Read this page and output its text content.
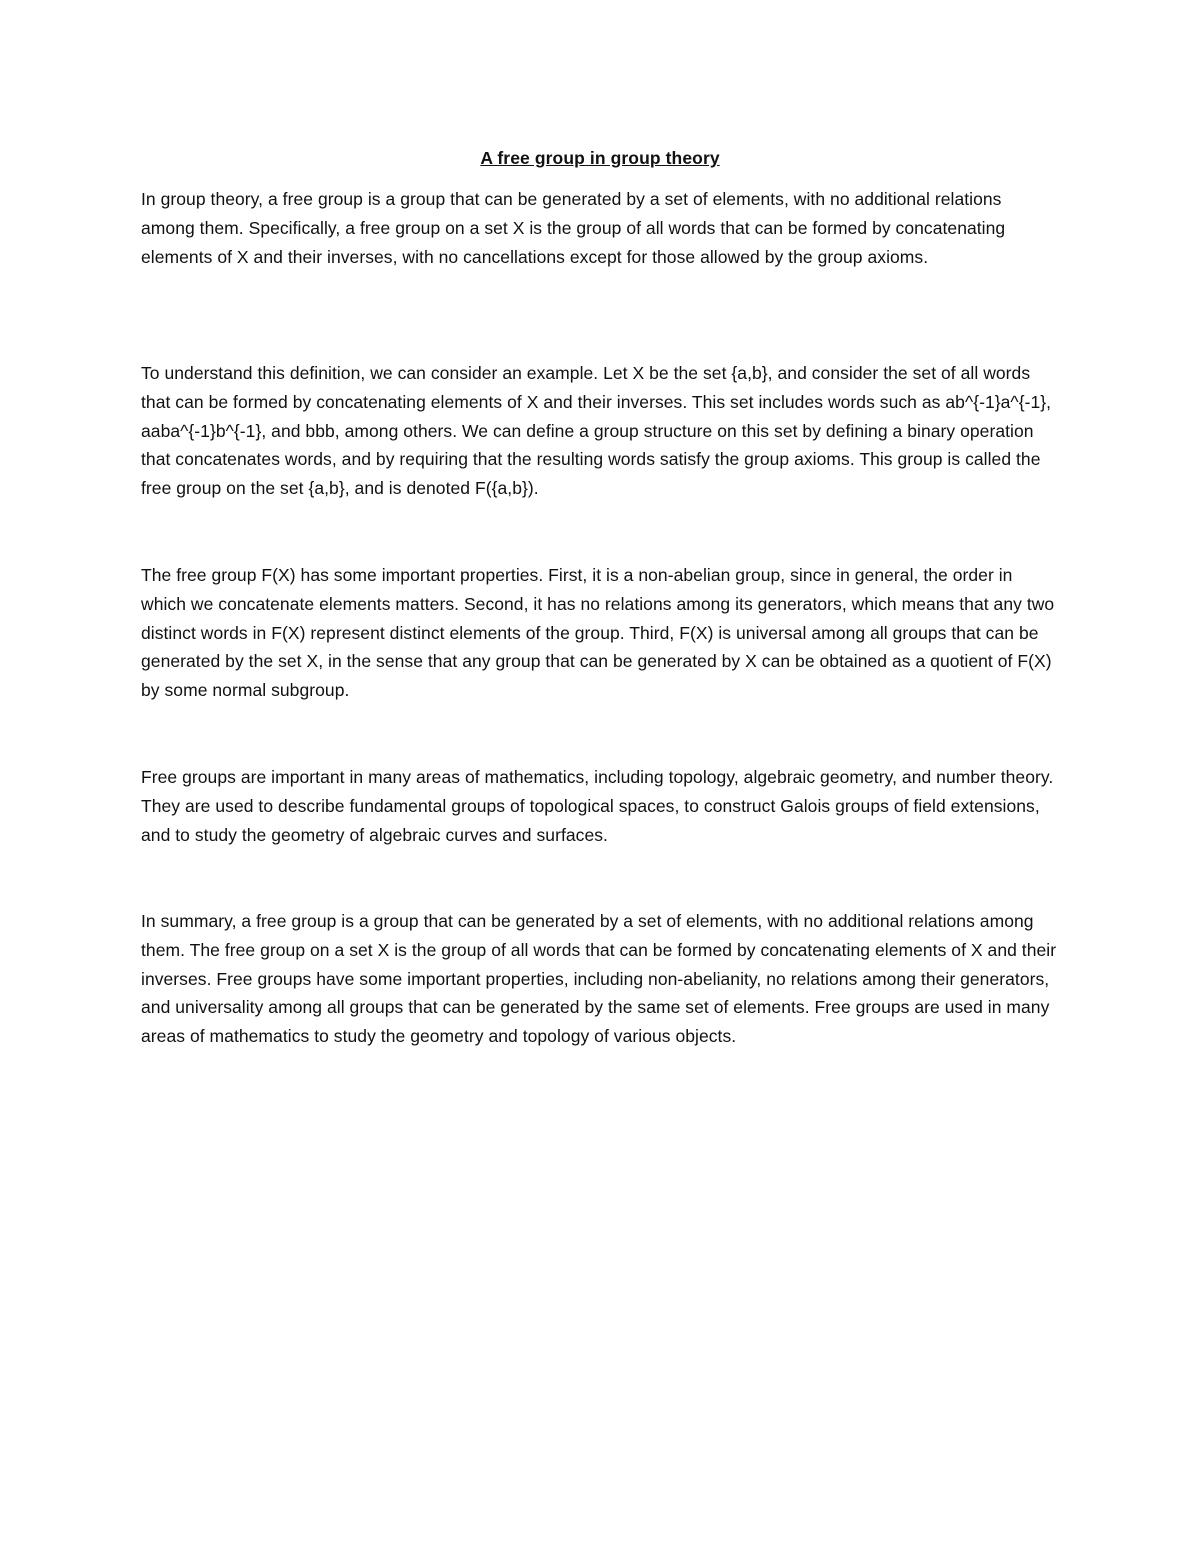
A free group in group theory

In group theory, a free group is a group that can be generated by a set of elements, with no additional relations among them. Specifically, a free group on a set X is the group of all words that can be formed by concatenating elements of X and their inverses, with no cancellations except for those allowed by the group axioms.

To understand this definition, we can consider an example. Let X be the set {a,b}, and consider the set of all words that can be formed by concatenating elements of X and their inverses. This set includes words such as ab^{-1}a^{-1}, aaba^{-1}b^{-1}, and bbb, among others. We can define a group structure on this set by defining a binary operation that concatenates words, and by requiring that the resulting words satisfy the group axioms. This group is called the free group on the set {a,b}, and is denoted F({a,b}).

The free group F(X) has some important properties. First, it is a non-abelian group, since in general, the order in which we concatenate elements matters. Second, it has no relations among its generators, which means that any two distinct words in F(X) represent distinct elements of the group. Third, F(X) is universal among all groups that can be generated by the set X, in the sense that any group that can be generated by X can be obtained as a quotient of F(X) by some normal subgroup.

Free groups are important in many areas of mathematics, including topology, algebraic geometry, and number theory. They are used to describe fundamental groups of topological spaces, to construct Galois groups of field extensions, and to study the geometry of algebraic curves and surfaces.

In summary, a free group is a group that can be generated by a set of elements, with no additional relations among them. The free group on a set X is the group of all words that can be formed by concatenating elements of X and their inverses. Free groups have some important properties, including non-abelianity, no relations among their generators, and universality among all groups that can be generated by the same set of elements. Free groups are used in many areas of mathematics to study the geometry and topology of various objects.
